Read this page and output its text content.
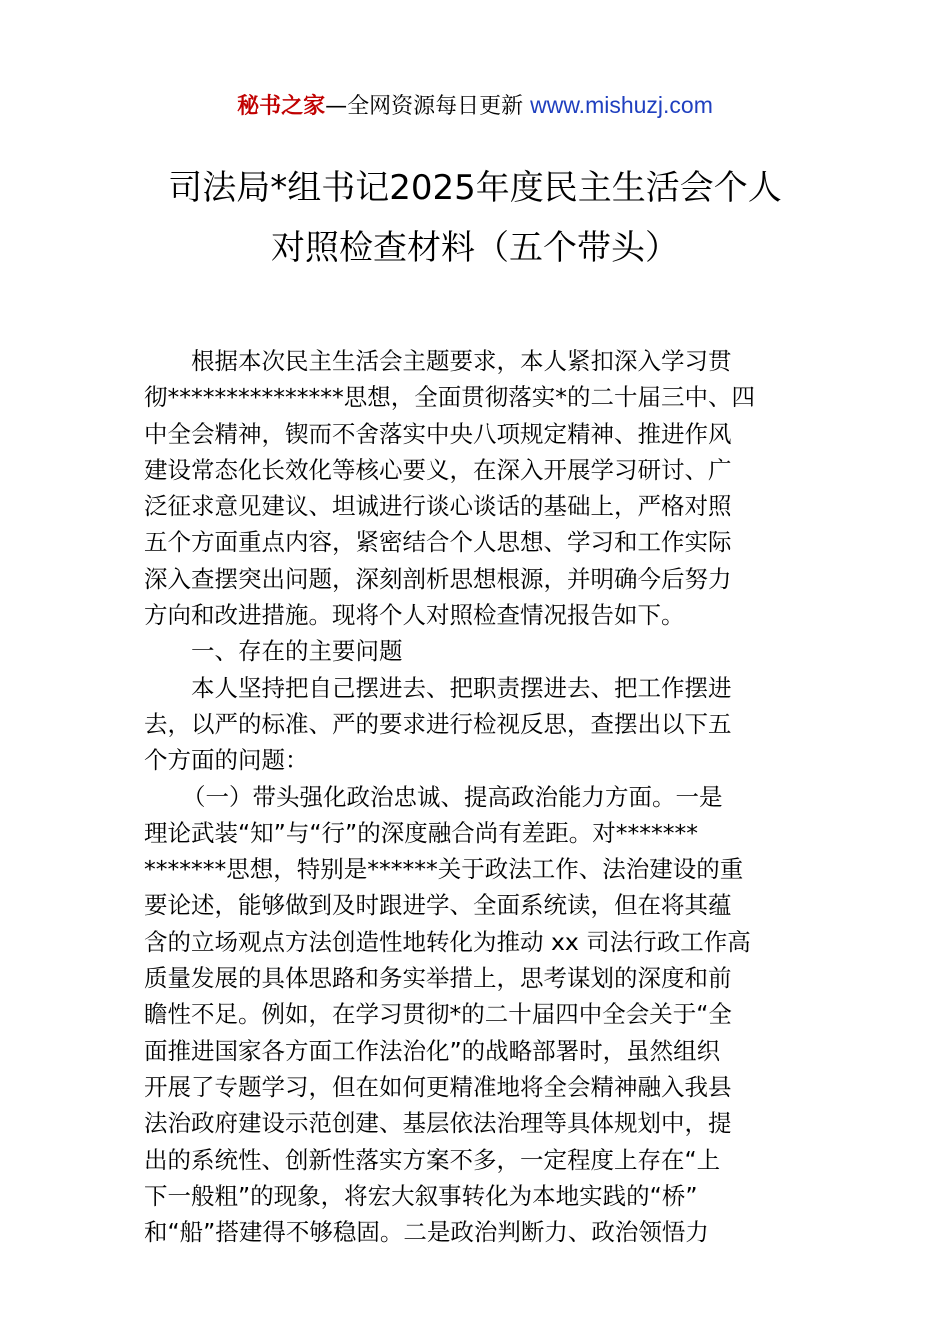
秘书之家—全网资源每日更新 www.mishuzj.com
司法局*组书记2025年度民主生活会个人
对照检查材料（五个带头）
根据本次民主生活会主题要求，本人紧扣深入学习贯
彻***************思想，全面贯彻落实*的二十届三中、四
中全会精神，锲而不舍落实中央八项规定精神、推进作风
建设常态化长效化等核心要义，在深入开展学习研讨、广
泛征求意见建议、坦诚进行谈心谈话的基础上，严格对照
五个方面重点内容，紧密结合个人思想、学习和工作实际
深入查摆突出问题，深刻剖析思想根源，并明确今后努力
方向和改进措施。现将个人对照检查情况报告如下。
一、存在的主要问题
本人坚持把自己摆进去、把职责摆进去、把工作摆进
去，以严的标准、严的要求进行检视反思，查摆出以下五
个方面的问题：
（一）带头强化政治忠诚、提高政治能力方面。一是
理论武装“知”与“行”的深度融合尚有差距。对*******
*******思想，特别是******关于政法工作、法治建设的重
要论述，能够做到及时跟进学、全面系统读，但在将其蕴
含的立场观点方法创造性地转化为推动 xx 司法行政工作高
质量发展的具体思路和务实举措上，思考谋划的深度和前
瞻性不足。例如，在学习贯彻*的二十届四中全会关于“全
面推进国家各方面工作法治化”的战略部署时，虽然组织
开展了专题学习，但在如何更精准地将全会精神融入我县
法治政府建设示范创建、基层依法治理等具体规划中，提
出的系统性、创新性落实方案不多，一定程度上存在“上
下一般粗”的现象，将宏大叙事转化为本地实践的“桥”
和“船”搭建得不够稳固。二是政治判断力、政治领悟力
